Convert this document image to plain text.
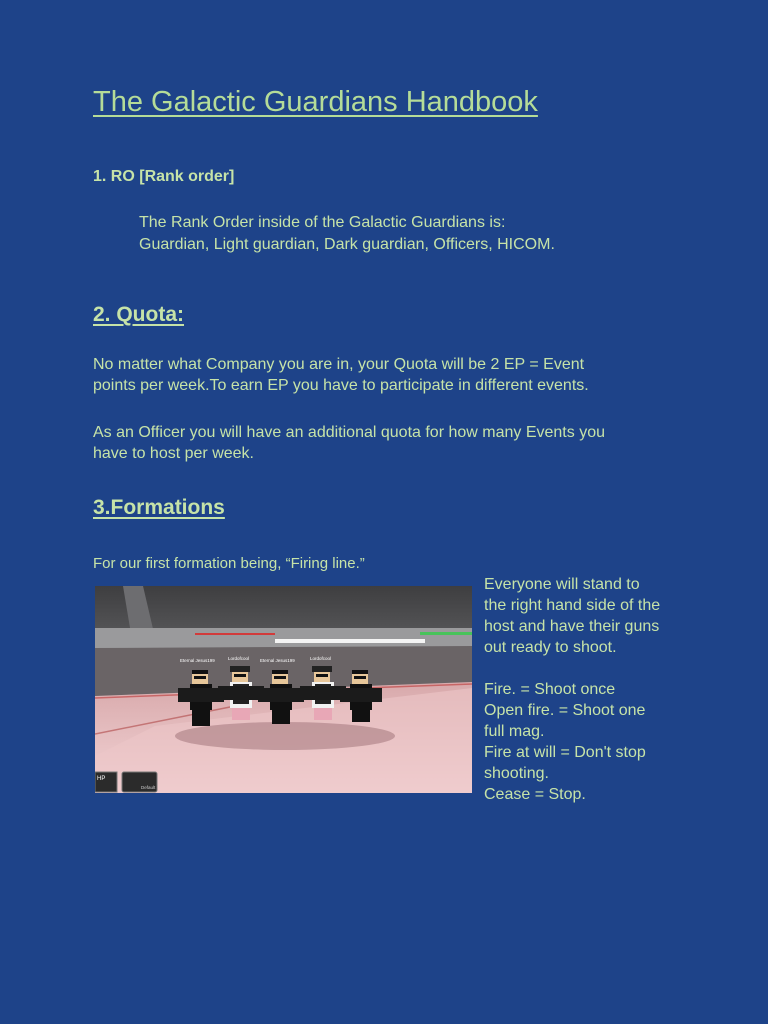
The Galactic Guardians Handbook
1. RO [Rank order]
The Rank Order inside of the Galactic Guardians is:
Guardian, Light guardian, Dark guardian, Officers, HICOM.
2. Quota:
No matter what Company you are in, your Quota will be 2 EP = Event
points per week.To earn EP you have to participate in different events.
As an Officer you will have an additional quota for how many Events you
have to host per week.
3.Formations
For our first formation being, “Firing line.”
Eternal Jesus199	Lordofcool Eternal Jesus199	Lordofcool
HP
Default
Everyone will stand to
the right hand side of the
host and have their guns
out ready to shoot.
Fire. = Shoot once
Open fire. = Shoot one
full mag.
Fire at will = Don't stop
shooting.
Cease = Stop.
